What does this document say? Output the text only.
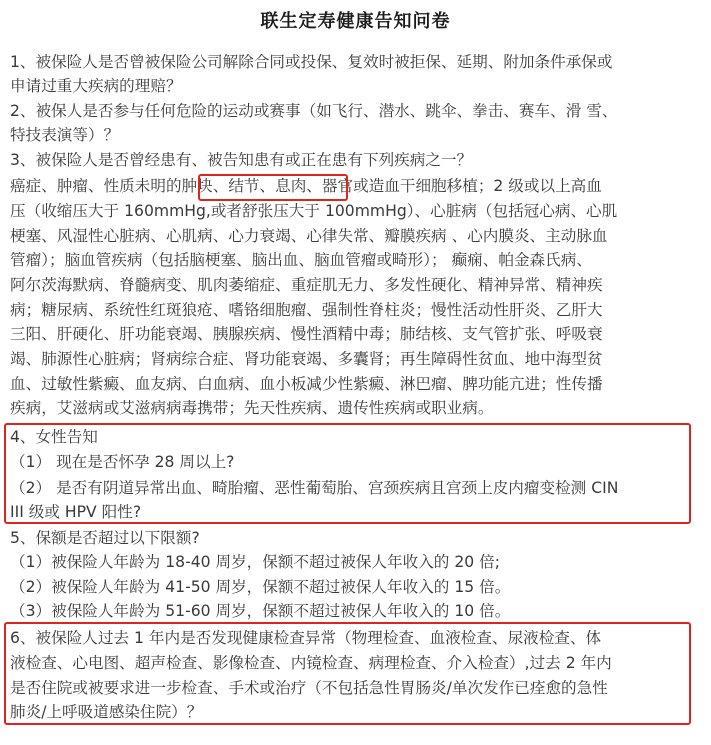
联生定寿健康告知问卷
1、被保险人是否曾被保险公司解除合同或投保、复效时被拒保、延期、附加条件承保或
申请过重大疾病的理赔？
2、被保人是否参与任何危险的运动或赛事（如飞行、潜水、跳伞、拳击、赛车、滑 雪、
特技表演等）？
3、被保险人是否曾经患有、被告知患有或正在患有下列疾病之一？
癌症、肿瘤、性质未明的肿块、结节、息肉、器官或造血干细胞移植；2 级或以上高血
压（收缩压大于 160mmHg,或者舒张压大于 100mmHg）、心脏病（包括冠心病、心肌
梗塞、风湿性心脏病、心肌病、心力衰竭、心律失常、瓣膜疾病 、心内膜炎、主动脉血
管瘤）；脑血管疾病（包括脑梗塞、脑出血、脑血管瘤或畸形）； 癫痫、帕金森氏病、
阿尔茨海默病、脊髓病变、肌肉萎缩症、重症肌无力、多发性硬化、精神异常、精神疾
病；糖尿病、系统性红斑狼疮、嗜铬细胞瘤、强制性脊柱炎；慢性活动性肝炎、乙肝大
三阳、肝硬化、肝功能衰竭、胰腺疾病、慢性酒精中毒；肺结核、支气管扩张、呼吸衰
竭、肺源性心脏病；肾病综合症、肾功能衰竭、多囊肾；再生障碍性贫血、地中海型贫
血、过敏性紫癜、血友病、白血病、血小板减少性紫癜、淋巴瘤、脾功能亢进；性传播
疾病，艾滋病或艾滋病病毒携带；先天性疾病、遗传性疾病或职业病。
4、女性告知
（1） 现在是否怀孕 28 周以上?
（2） 是否有阴道异常出血、畸胎瘤、恶性葡萄胎、宫颈疾病且宫颈上皮内瘤变检测 CIN
III 级或 HPV 阳性?
5、保额是否超过以下限额?
（1）被保险人年龄为 18-40 周岁，保额不超过被保人年收入的 20 倍;
（2）被保险人年龄为 41-50 周岁，保额不超过被保人年收入的 15 倍。
（3）被保险人年龄为 51-60 周岁，保额不超过被保人年收入的 10 倍。
6、被保险人过去 1 年内是否发现健康检查异常（物理检查、血液检查、尿液检查、体
液检查、心电图、超声检查、影像检查、内镜检查、病理检查、介入检查）,过去 2 年内
是否住院或被要求进一步检查、手术或治疗（不包括急性胃肠炎/单次发作已痊愈的急性
肺炎/上呼吸道感染住院）？
